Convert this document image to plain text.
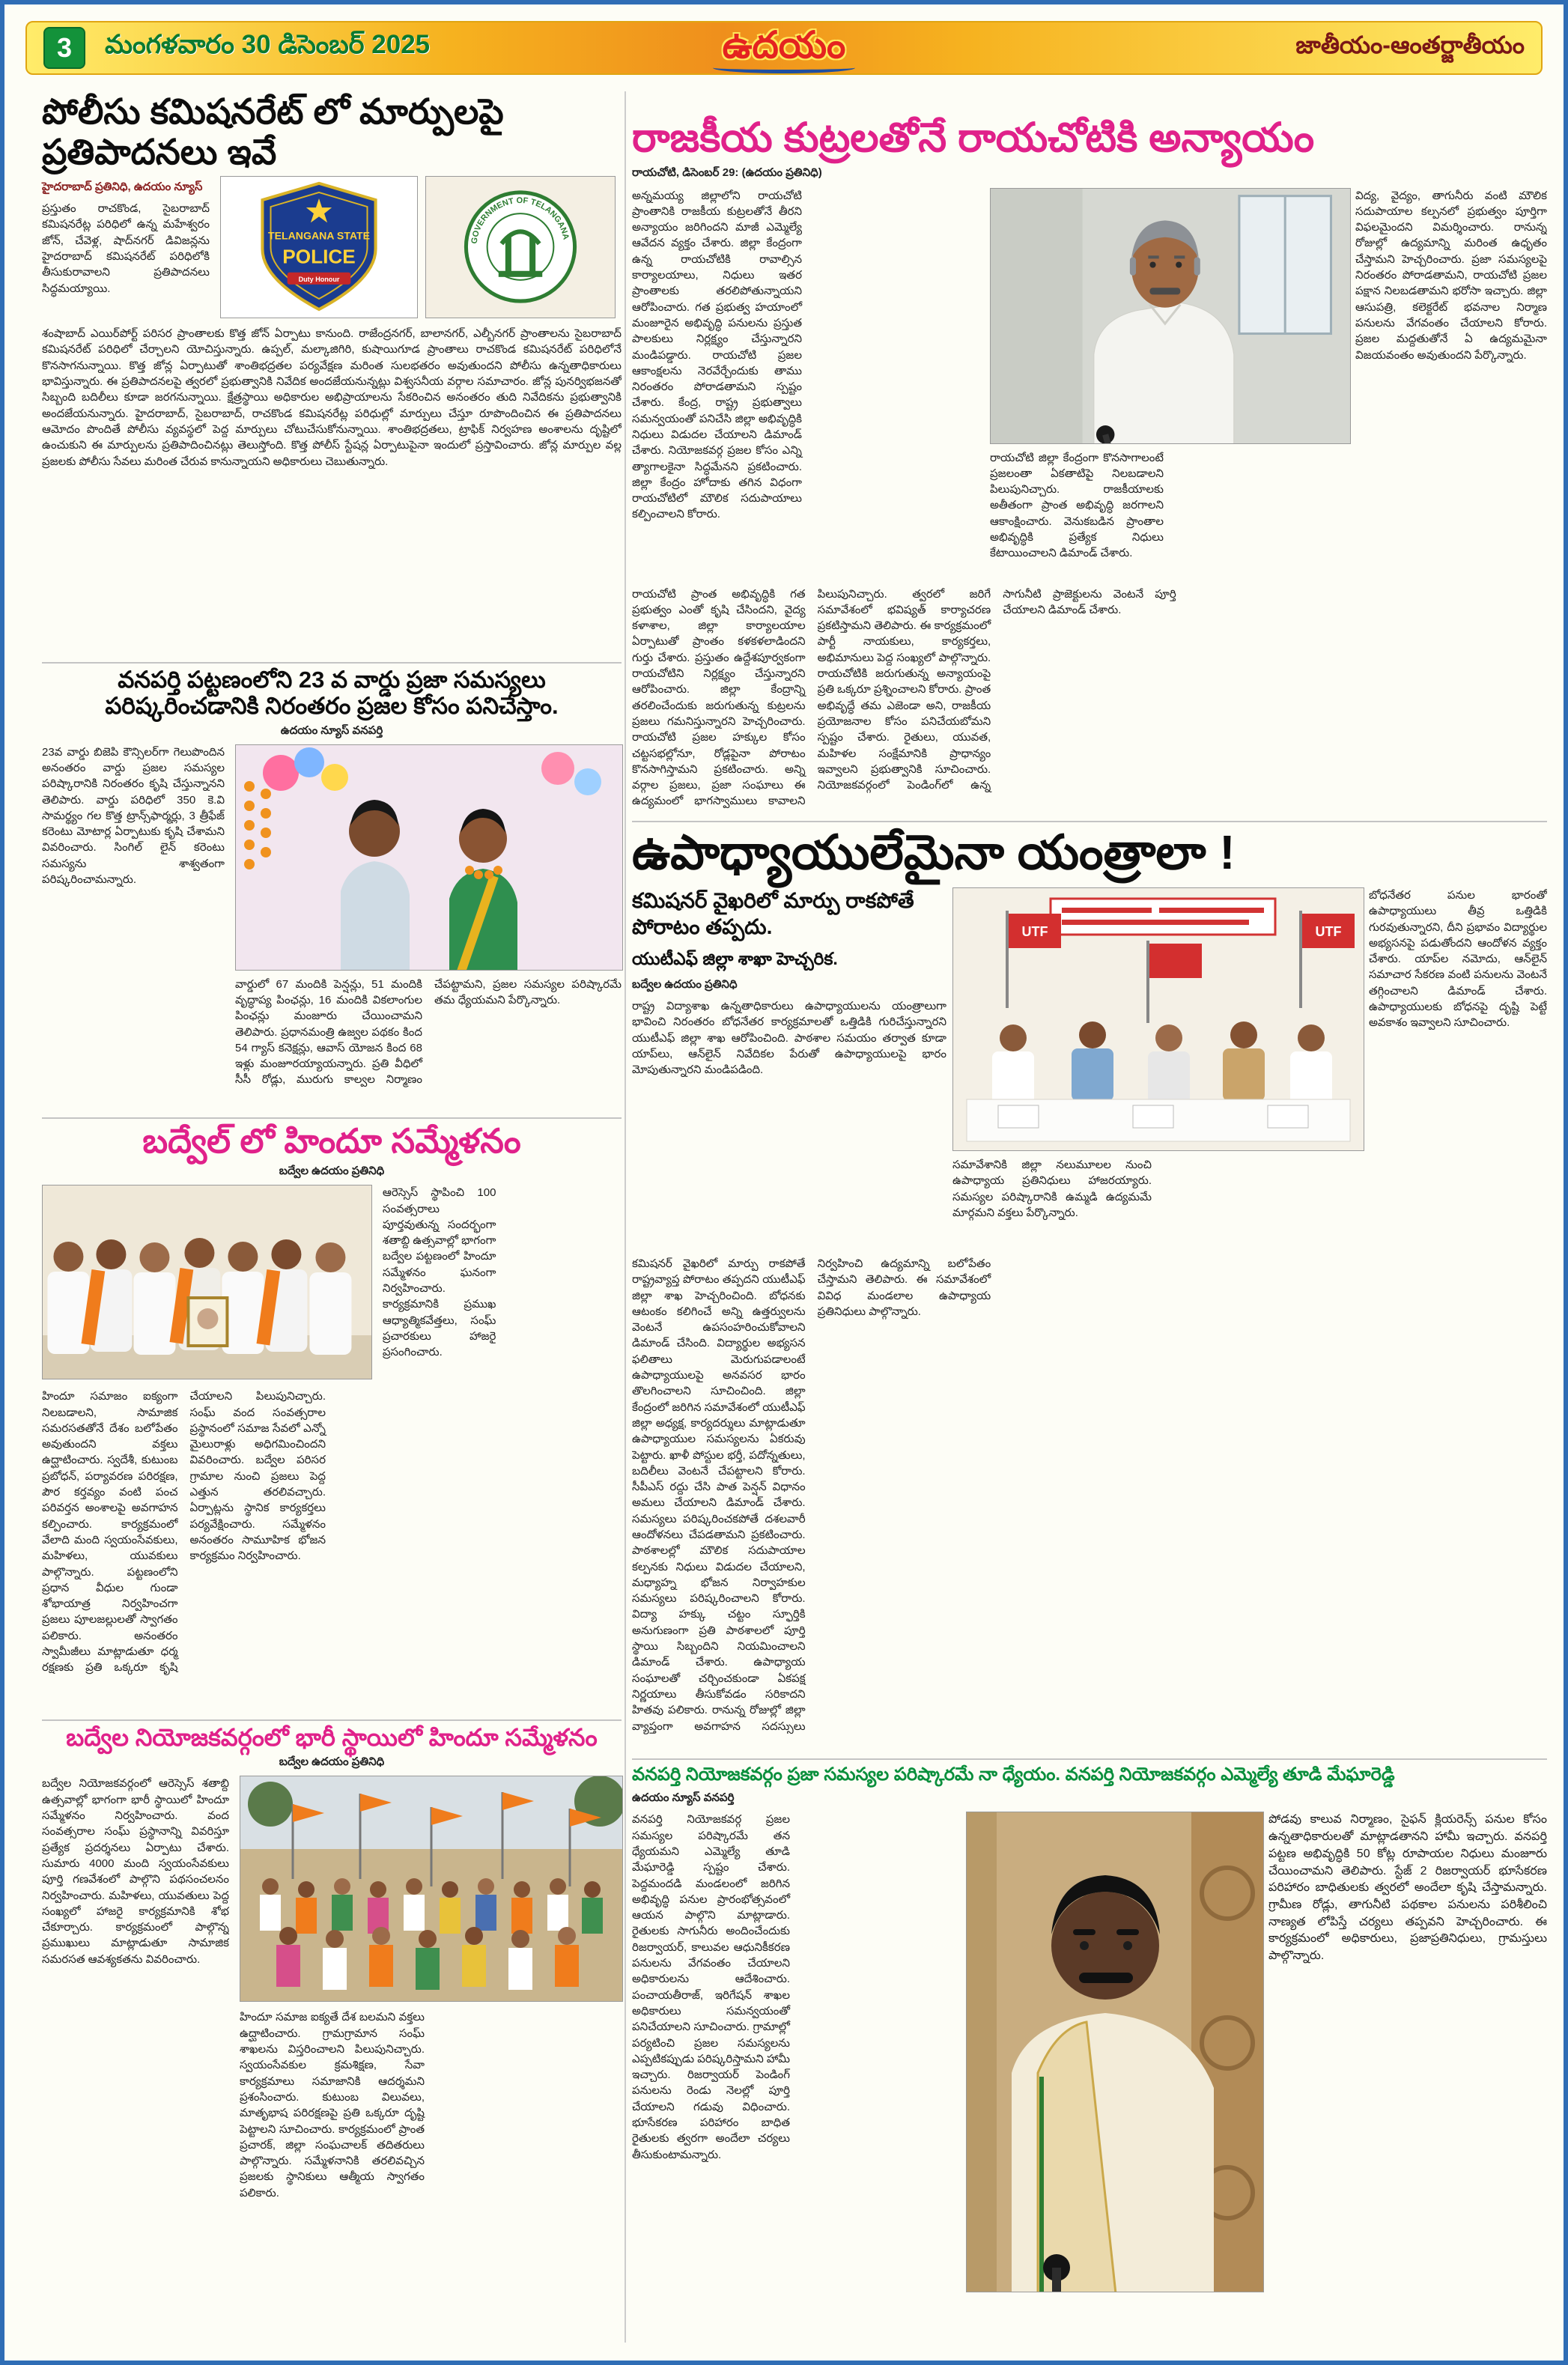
3	మంగళవారం 30 డిసెంబర్ 2025	ఉదయం	జాతీయం-ఆంతర్జాతీయం
పోలీసు కమిషనరేట్ లో మార్పులపై ప్రతిపాదనలు ఇవే
హైదరాబాద్ ప్రతినిధి, ఉదయం న్యూస్
ప్రస్తుతం రాచకొండ, సైబరాబాద్ కమిషనరేట్ల పరిధిలో ఉన్న మహేశ్వరం జోన్, చేవెళ్ల, షాద్‌నగర్ డివిజన్లను హైదరాబాద్ కమిషనరేట్ పరిధిలోకి తీసుకురావాలని ప్రతిపాదనలు సిద్ధమయ్యాయి.
TELANGANA STATE
POLICE
Duty Honour
GOVERNMENT OF TELANGANA
శంషాబాద్ ఎయిర్‌పోర్ట్ పరిసర ప్రాంతాలకు కొత్త జోన్ ఏర్పాటు కానుంది. రాజేంద్రనగర్, బాలానగర్, ఎల్బీనగర్ ప్రాంతాలను సైబరాబాద్ కమిషనరేట్ పరిధిలో చేర్చాలని యోచిస్తున్నారు. ఉప్పల్, మల్కాజిగిరి, కుషాయిగూడ ప్రాంతాలు రాచకొండ కమిషనరేట్ పరిధిలోనే కొనసాగనున్నాయి. కొత్త జోన్ల ఏర్పాటుతో శాంతిభద్రతల పర్యవేక్షణ మరింత సులభతరం అవుతుందని పోలీసు ఉన్నతాధికారులు భావిస్తున్నారు. ఈ ప్రతిపాదనలపై త్వరలో ప్రభుత్వానికి నివేదిక అందజేయనున్నట్లు విశ్వసనీయ వర్గాల సమాచారం. జోన్ల పునర్విభజనతో సిబ్బంది బదిలీలు కూడా జరగనున్నాయి. క్షేత్రస్థాయి అధికారుల అభిప్రాయాలను సేకరించిన అనంతరం తుది నివేదికను ప్రభుత్వానికి అందజేయనున్నారు. హైదరాబాద్, సైబరాబాద్, రాచకొండ కమిషనరేట్ల పరిధుల్లో మార్పులు చేస్తూ రూపొందించిన ఈ ప్రతిపాదనలు ఆమోదం పొందితే పోలీసు వ్యవస్థలో పెద్ద మార్పులు చోటుచేసుకోనున్నాయి. శాంతిభద్రతలు, ట్రాఫిక్ నిర్వహణ అంశాలను దృష్టిలో ఉంచుకుని ఈ మార్పులను ప్రతిపాదించినట్లు తెలుస్తోంది. కొత్త పోలీస్ స్టేషన్ల ఏర్పాటుపైనా ఇందులో ప్రస్తావించారు. జోన్ల మార్పుల వల్ల ప్రజలకు పోలీసు సేవలు మరింత చేరువ కానున్నాయని అధికారులు చెబుతున్నారు.
రాజకీయ కుట్రలతోనే రాయచోటికి అన్యాయం
రాయచోటి, డిసెంబర్ 29: (ఉదయం ప్రతినిధి)
అన్నమయ్య జిల్లాలోని రాయచోటి ప్రాంతానికి రాజకీయ కుట్రలతోనే తీరని అన్యాయం జరిగిందని మాజీ ఎమ్మెల్యే ఆవేదన వ్యక్తం చేశారు. జిల్లా కేంద్రంగా ఉన్న రాయచోటికి రావాల్సిన కార్యాలయాలు, నిధులు ఇతర ప్రాంతాలకు తరలిపోతున్నాయని ఆరోపించారు. గత ప్రభుత్వ హయాంలో మంజూరైన అభివృద్ధి పనులను ప్రస్తుత పాలకులు నిర్లక్ష్యం చేస్తున్నారని మండిపడ్డారు. రాయచోటి ప్రజల ఆకాంక్షలను నెరవేర్చేందుకు తాము నిరంతరం పోరాడతామని స్పష్టం చేశారు. కేంద్ర, రాష్ట్ర ప్రభుత్వాలు సమన్వయంతో పనిచేసి జిల్లా అభివృద్ధికి నిధులు విడుదల చేయాలని డిమాండ్ చేశారు. నియోజకవర్గ ప్రజల కోసం ఎన్ని త్యాగాలకైనా సిద్ధమేనని ప్రకటించారు. జిల్లా కేంద్రం హోదాకు తగిన విధంగా రాయచోటిలో మౌలిక సదుపాయాలు కల్పించాలని కోరారు.
రాయచోటి జిల్లా కేంద్రంగా కొనసాగాలంటే ప్రజలంతా ఏకతాటిపై నిలబడాలని పిలుపునిచ్చారు. రాజకీయాలకు అతీతంగా ప్రాంత అభివృద్ధి జరగాలని ఆకాంక్షించారు. వెనుకబడిన ప్రాంతాల అభివృద్ధికి ప్రత్యేక నిధులు కేటాయించాలని డిమాండ్ చేశారు.
విద్య, వైద్యం, తాగునీరు వంటి మౌలిక సదుపాయాల కల్పనలో ప్రభుత్వం పూర్తిగా విఫలమైందని విమర్శించారు. రానున్న రోజుల్లో ఉద్యమాన్ని మరింత ఉధృతం చేస్తామని హెచ్చరించారు. ప్రజా సమస్యలపై నిరంతరం పోరాడతామని, రాయచోటి ప్రజల పక్షాన నిలబడతామని భరోసా ఇచ్చారు. జిల్లా ఆసుపత్రి, కలెక్టరేట్ భవనాల నిర్మాణ పనులను వేగవంతం చేయాలని కోరారు. ప్రజల మద్దతుతోనే ఏ ఉద్యమమైనా విజయవంతం అవుతుందని పేర్కొన్నారు.
రాయచోటి ప్రాంత అభివృద్ధికి గత ప్రభుత్వం ఎంతో కృషి చేసిందని, వైద్య కళాశాల, జిల్లా కార్యాలయాల ఏర్పాటుతో ప్రాంతం కళకళలాడిందని గుర్తు చేశారు. ప్రస్తుతం ఉద్దేశపూర్వకంగా రాయచోటిని నిర్లక్ష్యం చేస్తున్నారని ఆరోపించారు. జిల్లా కేంద్రాన్ని తరలించేందుకు జరుగుతున్న కుట్రలను ప్రజలు గమనిస్తున్నారని హెచ్చరించారు. రాయచోటి ప్రజల హక్కుల కోసం చట్టసభల్లోనూ, రోడ్లపైనా పోరాటం కొనసాగిస్తామని ప్రకటించారు. అన్ని వర్గాల ప్రజలు, ప్రజా సంఘాలు ఈ ఉద్యమంలో భాగస్వాములు కావాలని పిలుపునిచ్చారు. త్వరలో జరిగే సమావేశంలో భవిష్యత్ కార్యాచరణ ప్రకటిస్తామని తెలిపారు. ఈ కార్యక్రమంలో పార్టీ నాయకులు, కార్యకర్తలు, అభిమానులు పెద్ద సంఖ్యలో పాల్గొన్నారు. రాయచోటికి జరుగుతున్న అన్యాయంపై ప్రతి ఒక్కరూ ప్రశ్నించాలని కోరారు. ప్రాంత అభివృద్ధే తమ ఎజెండా అని, రాజకీయ ప్రయోజనాల కోసం పనిచేయబోమని స్పష్టం చేశారు. రైతులు, యువత, మహిళల సంక్షేమానికి ప్రాధాన్యం ఇవ్వాలని ప్రభుత్వానికి సూచించారు. నియోజకవర్గంలో పెండింగ్‌లో ఉన్న సాగునీటి ప్రాజెక్టులను వెంటనే పూర్తి చేయాలని డిమాండ్ చేశారు.
వనపర్తి పట్టణంలోని 23 వ వార్డు ప్రజా సమస్యలు పరిష్కరించడానికి నిరంతరం ప్రజల కోసం పనిచేస్తాం.
ఉదయం న్యూస్ వనపర్తి
23వ వార్డు బిజెపి కౌన్సిలర్‌గా గెలుపొందిన అనంతరం వార్డు ప్రజల సమస్యల పరిష్కారానికి నిరంతరం కృషి చేస్తున్నానని తెలిపారు. వార్డు పరిధిలో 350 కె.వి సామర్థ్యం గల కొత్త ట్రాన్స్‌ఫార్మర్లు, 3 త్రీఫేజ్ కరెంటు మోటార్ల ఏర్పాటుకు కృషి చేశామని వివరించారు. సింగిల్ లైన్ కరెంటు సమస్యను శాశ్వతంగా పరిష్కరించామన్నారు.
వార్డులో 67 మందికి పెన్షన్లు, 51 మందికి వృద్ధాప్య పింఛన్లు, 16 మందికి వికలాంగుల పింఛన్లు మంజూరు చేయించామని తెలిపారు. ప్రధానమంత్రి ఉజ్వల పథకం కింద 54 గ్యాస్ కనెక్షన్లు, ఆవాస్ యోజన కింద 68 ఇళ్లు మంజూరయ్యాయన్నారు. ప్రతి వీధిలో సీసీ రోడ్లు, మురుగు కాల్వల నిర్మాణం చేపట్టామని, ప్రజల సమస్యల పరిష్కారమే తమ ధ్యేయమని పేర్కొన్నారు.
బద్వేల్ లో హిందూ సమ్మేళనం
బద్వేల ఉదయం ప్రతినిధి
ఆరెస్సెస్ స్థాపించి 100 సంవత్సరాలు పూర్తవుతున్న సందర్భంగా శతాబ్ది ఉత్సవాల్లో భాగంగా బద్వేల పట్టణంలో హిందూ సమ్మేళనం ఘనంగా నిర్వహించారు. కార్యక్రమానికి ప్రముఖ ఆధ్యాత్మికవేత్తలు, సంఘ్ ప్రచారకులు హాజరై ప్రసంగించారు.
హిందూ సమాజం ఐక్యంగా నిలబడాలని, సామాజిక సమరసతతోనే దేశం బలోపేతం అవుతుందని వక్తలు ఉద్ఘాటించారు. స్వదేశీ, కుటుంబ ప్రబోధన్, పర్యావరణ పరిరక్షణ, పౌర కర్తవ్యం వంటి పంచ పరివర్తన అంశాలపై అవగాహన కల్పించారు. కార్యక్రమంలో వేలాది మంది స్వయంసేవకులు, మహిళలు, యువకులు పాల్గొన్నారు. పట్టణంలోని ప్రధాన వీధుల గుండా శోభాయాత్ర నిర్వహించగా ప్రజలు పూలజల్లులతో స్వాగతం పలికారు. అనంతరం స్వామీజీలు మాట్లాడుతూ ధర్మ రక్షణకు ప్రతి ఒక్కరూ కృషి చేయాలని పిలుపునిచ్చారు. సంఘ్ వంద సంవత్సరాల ప్రస్థానంలో సమాజ సేవలో ఎన్నో మైలురాళ్లు అధిగమించిందని వివరించారు. బద్వేల పరిసర గ్రామాల నుంచి ప్రజలు పెద్ద ఎత్తున తరలివచ్చారు. ఏర్పాట్లను స్థానిక కార్యకర్తలు పర్యవేక్షించారు. సమ్మేళనం అనంతరం సామూహిక భోజన కార్యక్రమం నిర్వహించారు.
ఉపాధ్యాయులేమైనా యంత్రాలా !

కమిషనర్ వైఖరిలో మార్పు రాకపోతే పోరాటం తప్పదు.

యుటీఎఫ్ జిల్లా శాఖా హెచ్చరిక.
బద్వేల ఉదయం ప్రతినిధి
రాష్ట్ర విద్యాశాఖ ఉన్నతాధికారులు ఉపాధ్యాయులను యంత్రాలుగా భావించి నిరంతరం బోధనేతర కార్యక్రమాలతో ఒత్తిడికి గురిచేస్తున్నారని యుటీఎఫ్ జిల్లా శాఖ ఆరోపించింది. పాఠశాల సమయం తర్వాత కూడా యాప్‌లు, ఆన్‌లైన్ నివేదికల పేరుతో ఉపాధ్యాయులపై భారం మోపుతున్నారని మండిపడింది.
UTF	UTF
సమావేశానికి జిల్లా నలుమూలల నుంచి ఉపాధ్యాయ ప్రతినిధులు హాజరయ్యారు. సమస్యల పరిష్కారానికి ఉమ్మడి ఉద్యమమే మార్గమని వక్తలు పేర్కొన్నారు.
బోధనేతర పనుల భారంతో ఉపాధ్యాయులు తీవ్ర ఒత్తిడికి గురవుతున్నారని, దీని ప్రభావం విద్యార్థుల అభ్యసనపై పడుతోందని ఆందోళన వ్యక్తం చేశారు. యాప్‌ల నమోదు, ఆన్‌లైన్ సమాచార సేకరణ వంటి పనులను వెంటనే తగ్గించాలని డిమాండ్ చేశారు. ఉపాధ్యాయులకు బోధనపై దృష్టి పెట్టే అవకాశం ఇవ్వాలని సూచించారు.
కమిషనర్ వైఖరిలో మార్పు రాకపోతే రాష్ట్రవ్యాప్త పోరాటం తప్పదని యుటీఎఫ్ జిల్లా శాఖ హెచ్చరించింది. బోధనకు ఆటంకం కలిగించే అన్ని ఉత్తర్వులను వెంటనే ఉపసంహరించుకోవాలని డిమాండ్ చేసింది. విద్యార్థుల అభ్యసన ఫలితాలు మెరుగుపడాలంటే ఉపాధ్యాయులపై అనవసర భారం తొలగించాలని సూచించింది. జిల్లా కేంద్రంలో జరిగిన సమావేశంలో యుటీఎఫ్ జిల్లా అధ్యక్ష, కార్యదర్శులు మాట్లాడుతూ ఉపాధ్యాయుల సమస్యలను ఏకరువు పెట్టారు. ఖాళీ పోస్టుల భర్తీ, పదోన్నతులు, బదిలీలు వెంటనే చేపట్టాలని కోరారు. సీపీఎస్ రద్దు చేసి పాత పెన్షన్ విధానం అమలు చేయాలని డిమాండ్ చేశారు. సమస్యలు పరిష్కరించకపోతే దశలవారీ ఆందోళనలు చేపడతామని ప్రకటించారు. పాఠశాలల్లో మౌలిక సదుపాయాల కల్పనకు నిధులు విడుదల చేయాలని, మధ్యాహ్న భోజన నిర్వాహకుల సమస్యలు పరిష్కరించాలని కోరారు. విద్యా హక్కు చట్టం స్ఫూర్తికి అనుగుణంగా ప్రతి పాఠశాలలో పూర్తి స్థాయి సిబ్బందిని నియమించాలని డిమాండ్ చేశారు. ఉపాధ్యాయ సంఘాలతో చర్చించకుండా ఏకపక్ష నిర్ణయాలు తీసుకోవడం సరికాదని హితవు పలికారు. రానున్న రోజుల్లో జిల్లా వ్యాప్తంగా అవగాహన సదస్సులు నిర్వహించి ఉద్యమాన్ని బలోపేతం చేస్తామని తెలిపారు. ఈ సమావేశంలో వివిధ మండలాల ఉపాధ్యాయ ప్రతినిధులు పాల్గొన్నారు.
వనపర్తి నియోజకవర్గం ప్రజా సమస్యల పరిష్కారమే నా ధ్యేయం. వనపర్తి నియోజకవర్గం ఎమ్మెల్యే తూడి మేఘారెడ్డి
ఉదయం న్యూస్ వనపర్తి
వనపర్తి నియోజకవర్గ ప్రజల సమస్యల పరిష్కారమే తన ధ్యేయమని ఎమ్మెల్యే తూడి మేఘారెడ్డి స్పష్టం చేశారు. పెద్దమందడి మండలంలో జరిగిన అభివృద్ధి పనుల ప్రారంభోత్సవంలో ఆయన పాల్గొని మాట్లాడారు. రైతులకు సాగునీరు అందించేందుకు రిజర్వాయర్, కాలువల ఆధునికీకరణ పనులను వేగవంతం చేయాలని అధికారులను ఆదేశించారు. పంచాయతీరాజ్, ఇరిగేషన్ శాఖల అధికారులు సమన్వయంతో పనిచేయాలని సూచించారు. గ్రామాల్లో పర్యటించి ప్రజల సమస్యలను ఎప్పటికప్పుడు పరిష్కరిస్తామని హామీ ఇచ్చారు. రిజర్వాయర్ పెండింగ్ పనులను రెండు నెలల్లో పూర్తి చేయాలని గడువు విధించారు. భూసేకరణ పరిహారం బాధిత రైతులకు త్వరగా అందేలా చర్యలు తీసుకుంటామన్నారు.
పోడవు కాలువ నిర్మాణం, సైఫన్ క్లియరెన్స్ పనుల కోసం ఉన్నతాధికారులతో మాట్లాడతానని హామీ ఇచ్చారు. వనపర్తి పట్టణ అభివృద్ధికి 50 కోట్ల రూపాయల నిధులు మంజూరు చేయించామని తెలిపారు. స్టేజ్ 2 రిజర్వాయర్ భూసేకరణ పరిహారం బాధితులకు త్వరలో అందేలా కృషి చేస్తామన్నారు. గ్రామీణ రోడ్లు, తాగునీటి పథకాల పనులను పరిశీలించి నాణ్యత లోపిస్తే చర్యలు తప్పవని హెచ్చరించారు. ఈ కార్యక్రమంలో అధికారులు, ప్రజాప్రతినిధులు, గ్రామస్తులు పాల్గొన్నారు.
బద్వేల నియోజకవర్గంలో భారీ స్థాయిలో హిందూ సమ్మేళనం
బద్వేల ఉదయం ప్రతినిధి
బద్వేల నియోజకవర్గంలో ఆరెస్సెస్ శతాబ్ది ఉత్సవాల్లో భాగంగా భారీ స్థాయిలో హిందూ సమ్మేళనం నిర్వహించారు. వంద సంవత్సరాల సంఘ్ ప్రస్థానాన్ని వివరిస్తూ ప్రత్యేక ప్రదర్శనలు ఏర్పాటు చేశారు. సుమారు 4000 మంది స్వయంసేవకులు పూర్తి గణవేశంలో పాల్గొని పథసంచలనం నిర్వహించారు. మహిళలు, యువతులు పెద్ద సంఖ్యలో హాజరై కార్యక్రమానికి శోభ చేకూర్చారు. కార్యక్రమంలో పాల్గొన్న ప్రముఖులు మాట్లాడుతూ సామాజిక సమరసత ఆవశ్యకతను వివరించారు.
హిందూ సమాజ ఐక్యతే దేశ బలమని వక్తలు ఉద్ఘాటించారు. గ్రామగ్రామాన సంఘ్ శాఖలను విస్తరించాలని పిలుపునిచ్చారు. స్వయంసేవకుల క్రమశిక్షణ, సేవా కార్యక్రమాలు సమాజానికి ఆదర్శమని ప్రశంసించారు. కుటుంబ విలువలు, మాతృభాష పరిరక్షణపై ప్రతి ఒక్కరూ దృష్టి పెట్టాలని సూచించారు. కార్యక్రమంలో ప్రాంత ప్రచారక్, జిల్లా సంఘచాలక్ తదితరులు పాల్గొన్నారు. సమ్మేళనానికి తరలివచ్చిన ప్రజలకు స్థానికులు ఆత్మీయ స్వాగతం పలికారు.
